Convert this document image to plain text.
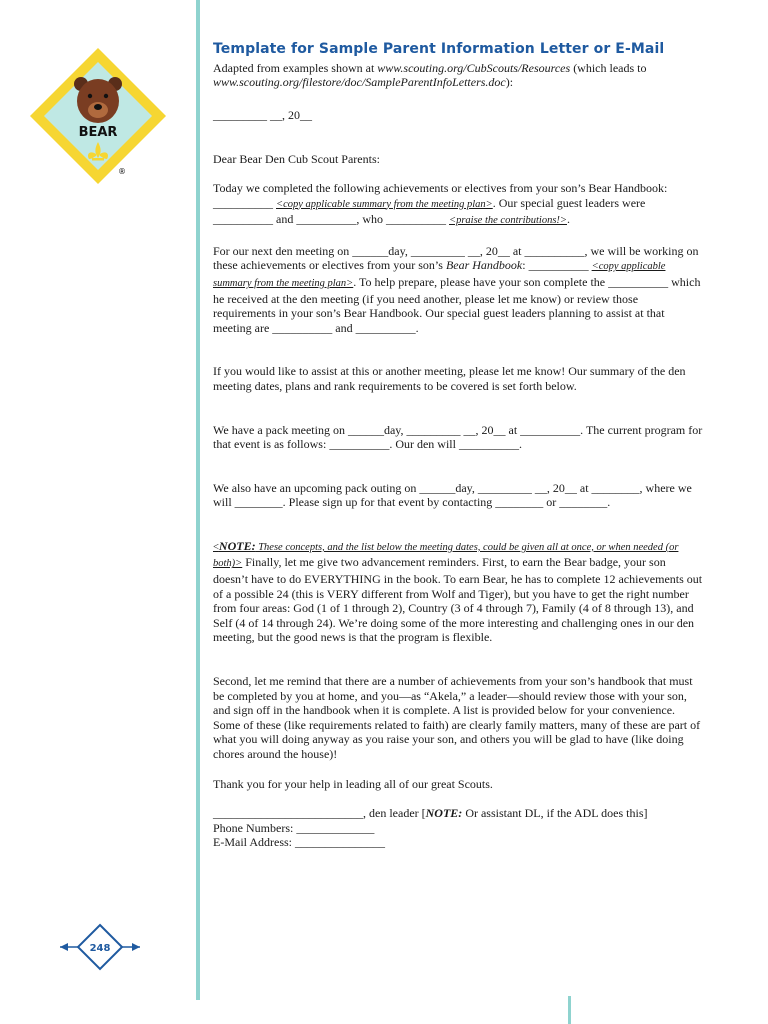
BEAR
®
248
Template for Sample Parent Information Letter or E-Mail

Adapted from examples shown at www.scouting.org/CubScouts/Resources (which leads to www.scouting.org/filestore/doc/SampleParentInfoLetters.doc):

_________ __, 20__

Dear Bear Den Cub Scout Parents:

Today we completed the following achievements or electives from your son’s Bear Handbook: __________ <copy applicable summary from the meeting plan>. Our special guest leaders were __________ and __________, who __________ <praise the contributions!>.

For our next den meeting on ______day, _________ __, 20__ at __________, we will be working on these achievements or electives from your son’s Bear Handbook: __________ <copy applicable summary from the meeting plan>. To help prepare, please have your son complete the __________ which he received at the den meeting (if you need another, please let me know) or review those requirements in your son’s Bear Handbook. Our special guest leaders planning to assist at that meeting are __________ and __________.

If you would like to assist at this or another meeting, please let me know! Our summary of the den meeting dates, plans and rank requirements to be covered is set forth below.

We have a pack meeting on ______day, _________ __, 20__ at __________. The current program for that event is as follows: __________. Our den will __________.

We also have an upcoming pack outing on ______day, _________ __, 20__ at ________, where we will ________. Please sign up for that event by contacting ________ or ________.

<NOTE: These concepts, and the list below the meeting dates, could be given all at once, or when needed (or both)> Finally, let me give two advancement reminders. First, to earn the Bear badge, your son doesn’t have to do EVERYTHING in the book. To earn Bear, he has to complete 12 achievements out of a possible 24 (this is VERY different from Wolf and Tiger), but you have to get the right number from four areas: God (1 of 1 through 2), Country (3 of 4 through 7), Family (4 of 8 through 13), and Self (4 of 14 through 24). We’re doing some of the more interesting and challenging ones in our den meeting, but the good news is that the program is flexible.

Second, let me remind that there are a number of achievements from your son’s handbook that must be completed by you at home, and you—as “Akela,” a leader—should review those with your son, and sign off in the handbook when it is complete. A list is provided below for your convenience. Some of these (like requirements related to faith) are clearly family matters, many of these are part of what you will doing anyway as you raise your son, and others you will be glad to have (like doing chores around the house)!

Thank you for your help in leading all of our great Scouts.

_________________________, den leader [NOTE: Or assistant DL, if the ADL does this]

Phone Numbers: _____________

E-Mail Address: _______________
